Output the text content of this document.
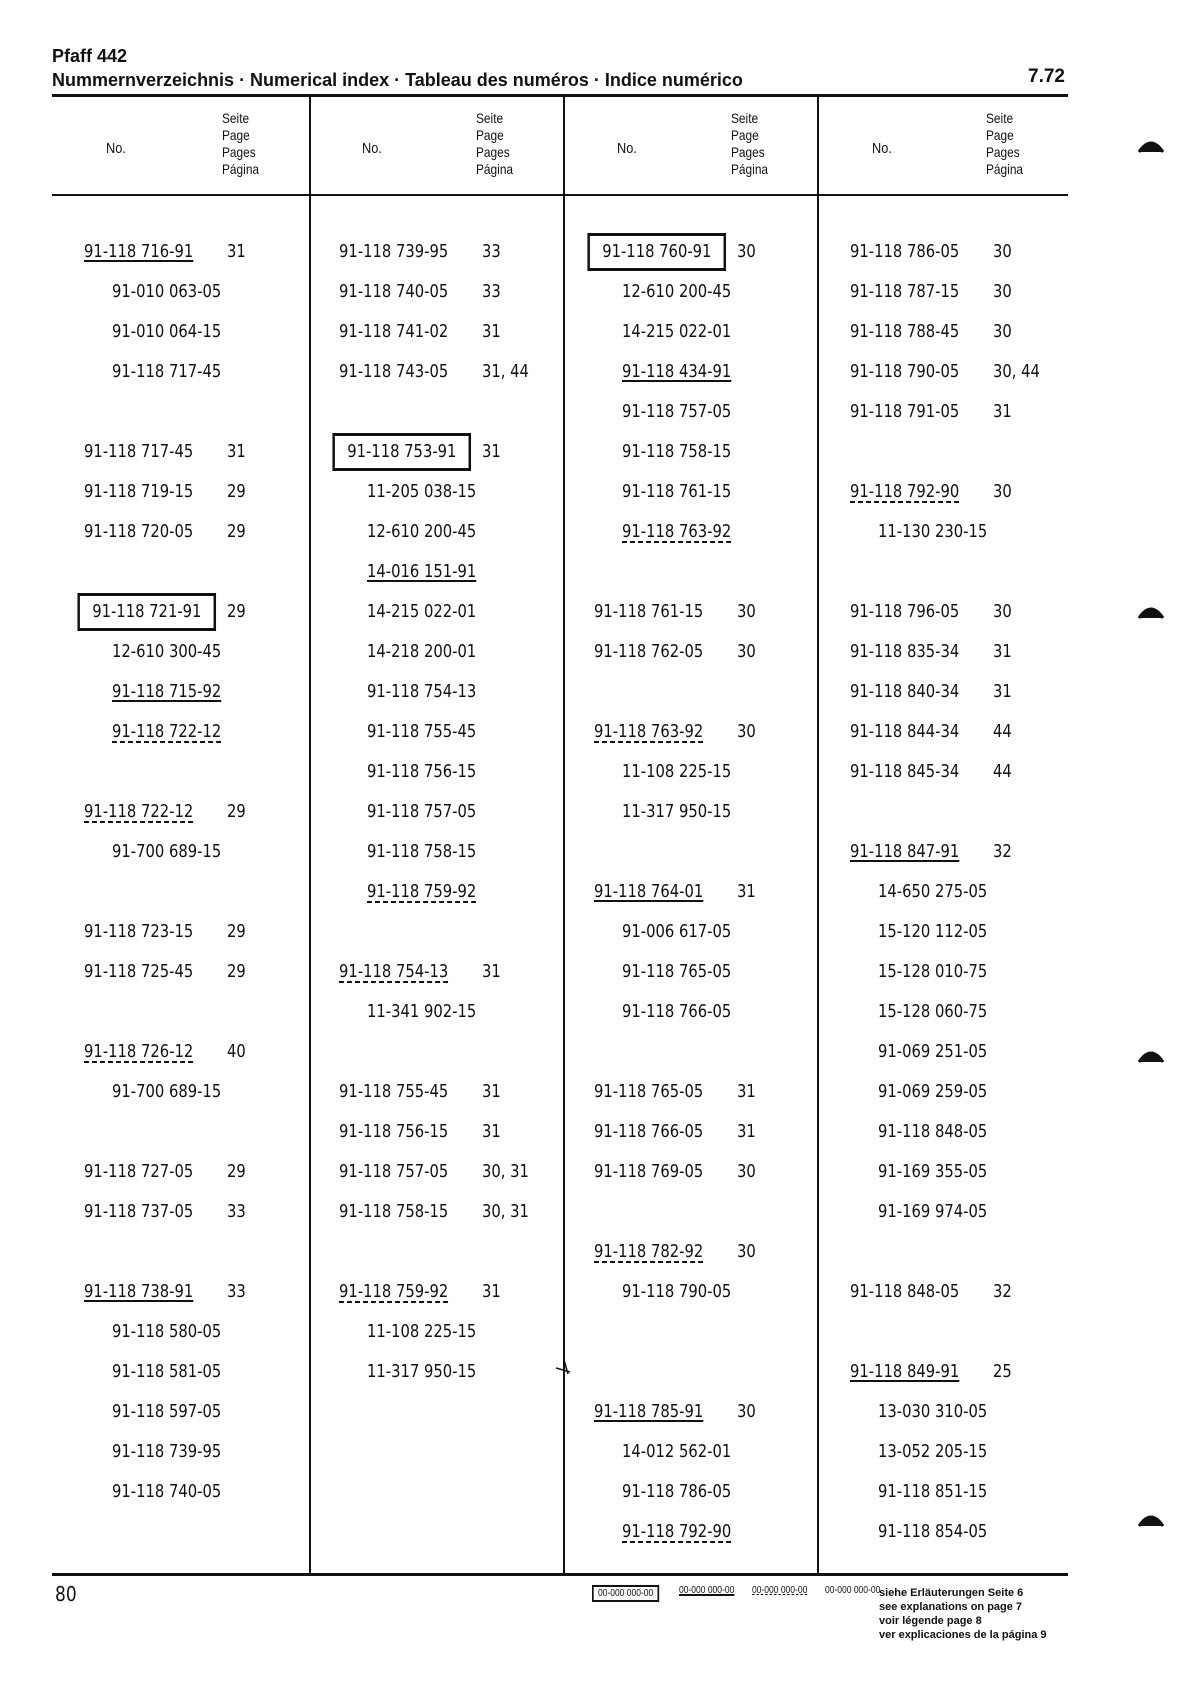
Pfaff 442
Nummernverzeichnis · Numerical index · Tableau des numéros · Indice numérico	7.72
No.
Seite
Page
Pages
Página
91-118 716-91 31
91-010 063-05
91-010 064-15
91-118 717-45
91-118 717-45 31
91-118 719-15 29
91-118 720-05 29
91-118 721-91	29
12-610 300-45
91-118 715-92
91-118 722-12
91-118 722-12 29
91-700 689-15
91-118 723-15 29
91-118 725-45 29
91-118 726-12 40
91-700 689-15
91-118 727-05 29
91-118 737-05 33
91-118 738-91 33
91-118 580-05
91-118 581-05
91-118 597-05
91-118 739-95
91-118 740-05
No.
Seite
Page
Pages
Página
91-118 739-95 33
91-118 740-05 33
91-118 741-02 31
91-118 743-05 31, 44
91-118 753-91	31
11-205 038-15
12-610 200-45
14-016 151-91
14-215 022-01
14-218 200-01
91-118 754-13
91-118 755-45
91-118 756-15
91-118 757-05
91-118 758-15
91-118 759-92
91-118 754-13 31
11-341 902-15
91-118 755-45 31
91-118 756-15 31
91-118 757-05 30, 31
91-118 758-15 30, 31
91-118 759-92 31
11-108 225-15
11-317 950-15
No.
Seite
Page
Pages
Página
91-118 760-91	30
12-610 200-45
14-215 022-01
91-118 434-91
91-118 757-05
91-118 758-15
91-118 761-15
91-118 763-92
91-118 761-15 30
91-118 762-05 30
91-118 763-92 30
11-108 225-15
11-317 950-15
91-118 764-01 31
91-006 617-05
91-118 765-05
91-118 766-05
91-118 765-05 31
91-118 766-05 31
91-118 769-05 30
91-118 782-92 30
91-118 790-05
91-118 785-91 30
14-012 562-01
91-118 786-05
91-118 792-90
No.
Seite
Page
Pages
Página
91-118 786-05 30
91-118 787-15 30
91-118 788-45 30
91-118 790-05 30, 44
91-118 791-05 31
91-118 792-90 30
11-130 230-15
91-118 796-05 30
91-118 835-34 31
91-118 840-34 31
91-118 844-34 44
91-118 845-34 44
91-118 847-91 32
14-650 275-05
15-120 112-05
15-128 010-75
15-128 060-75
91-069 251-05
91-069 259-05
91-118 848-05
91-169 355-05
91-169 974-05
91-118 848-05 32
91-118 849-91 25
13-030 310-05
13-052 205-15
91-118 851-15
91-118 854-05
80	00-000 000-00	00-000 000-00 00-000 000-00 00-000 000-00
siehe Erläuterungen Seite 6
see explanations on page 7
voir légende page 8
ver explicaciones de la página 9
